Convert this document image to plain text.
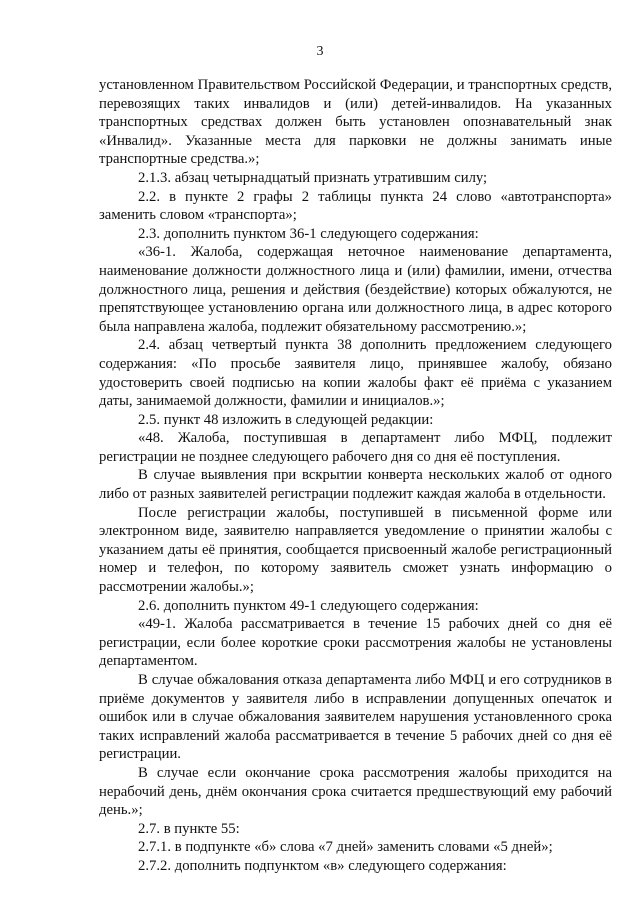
3

установленном Правительством Российской Федерации, и транспортных средств, перевозящих таких инвалидов и (или) детей-инвалидов. На указанных транспортных средствах должен быть установлен опознавательный знак «Инвалид». Указанные места для парковки не должны занимать иные транспортные средства.»;

2.1.3. абзац четырнадцатый признать утратившим силу;

2.2. в пункте 2 графы 2 таблицы пункта 24 слово «автотранспорта» заменить словом «транспорта»;

2.3. дополнить пунктом 36-1 следующего содержания:

«36-1. Жалоба, содержащая неточное наименование департамента, наименование должности должностного лица и (или) фамилии, имени, отчества должностного лица, решения и действия (бездействие) которых обжалуются, не препятствующее установлению органа или должностного лица, в адрес которого была направлена жалоба, подлежит обязательному рассмотрению.»;

2.4. абзац четвертый пункта 38 дополнить предложением следующего содержания: «По просьбе заявителя лицо, принявшее жалобу, обязано удостоверить своей подписью на копии жалобы факт её приёма с указанием даты, занимаемой должности, фамилии и инициалов.»;

2.5. пункт 48 изложить в следующей редакции:

«48. Жалоба, поступившая в департамент либо МФЦ, подлежит регистрации не позднее следующего рабочего дня со дня её поступления.

В случае выявления при вскрытии конверта нескольких жалоб от одного либо от разных заявителей регистрации подлежит каждая жалоба в отдельности.

После регистрации жалобы, поступившей в письменной форме или электронном виде, заявителю направляется уведомление о принятии жалобы с указанием даты её принятия, сообщается присвоенный жалобе регистрационный номер и телефон, по которому заявитель сможет узнать информацию о рассмотрении жалобы.»;

2.6. дополнить пунктом 49-1 следующего содержания:

«49-1. Жалоба рассматривается в течение 15 рабочих дней со дня её регистрации, если более короткие сроки рассмотрения жалобы не установлены департаментом.

В случае обжалования отказа департамента либо МФЦ и его сотрудников в приёме документов у заявителя либо в исправлении допущенных опечаток и ошибок или в случае обжалования заявителем нарушения установленного срока таких исправлений жалоба рассматривается в течение 5 рабочих дней со дня её регистрации.

В случае если окончание срока рассмотрения жалобы приходится на нерабочий день, днём окончания срока считается предшествующий ему рабочий день.»;

2.7. в пункте 55:

2.7.1. в подпункте «б» слова «7 дней» заменить словами «5 дней»;

2.7.2. дополнить подпунктом «в» следующего содержания:
